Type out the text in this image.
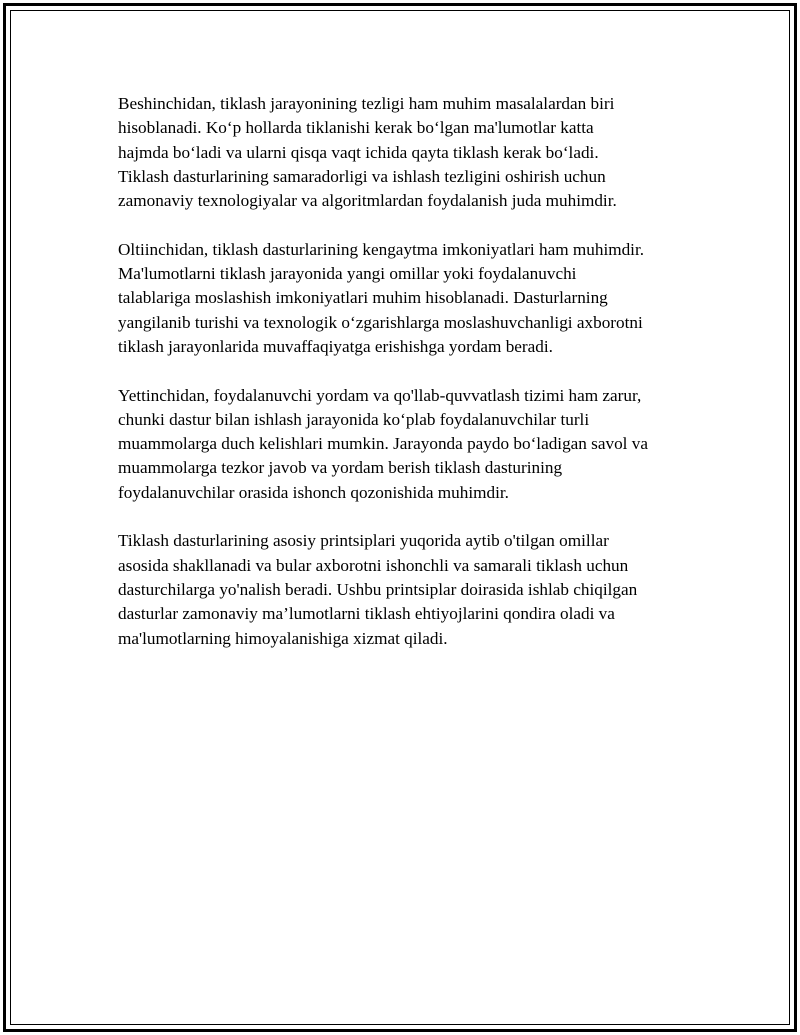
Beshinchidan, tiklash jarayonining tezligi ham muhim masalalardan biri
hisoblanadi. Ko‘p hollarda tiklanishi kerak bo‘lgan ma'lumotlar katta
hajmda bo‘ladi va ularni qisqa vaqt ichida qayta tiklash kerak bo‘ladi.
Tiklash dasturlarining samaradorligi va ishlash tezligini oshirish uchun
zamonaviy texnologiyalar va algoritmlardan foydalanish juda muhimdir.

Oltiinchidan, tiklash dasturlarining kengaytma imkoniyatlari ham muhimdir.
Ma'lumotlarni tiklash jarayonida yangi omillar yoki foydalanuvchi
talablariga moslashish imkoniyatlari muhim hisoblanadi. Dasturlarning
yangilanib turishi va texnologik o‘zgarishlarga moslashuvchanligi axborotni
tiklash jarayonlarida muvaffaqiyatga erishishga yordam beradi.

Yettinchidan, foydalanuvchi yordam va qo'llab-quvvatlash tizimi ham zarur,
chunki dastur bilan ishlash jarayonida ko‘plab foydalanuvchilar turli
muammolarga duch kelishlari mumkin. Jarayonda paydo bo‘ladigan savol va
muammolarga tezkor javob va yordam berish tiklash dasturining
foydalanuvchilar orasida ishonch qozonishida muhimdir.

Tiklash dasturlarining asosiy printsiplari yuqorida aytib o'tilgan omillar
asosida shakllanadi va bular axborotni ishonchli va samarali tiklash uchun
dasturchilarga yo'nalish beradi. Ushbu printsiplar doirasida ishlab chiqilgan
dasturlar zamonaviy ma’lumotlarni tiklash ehtiyojlarini qondira oladi va
ma'lumotlarning himoyalanishiga xizmat qiladi.
